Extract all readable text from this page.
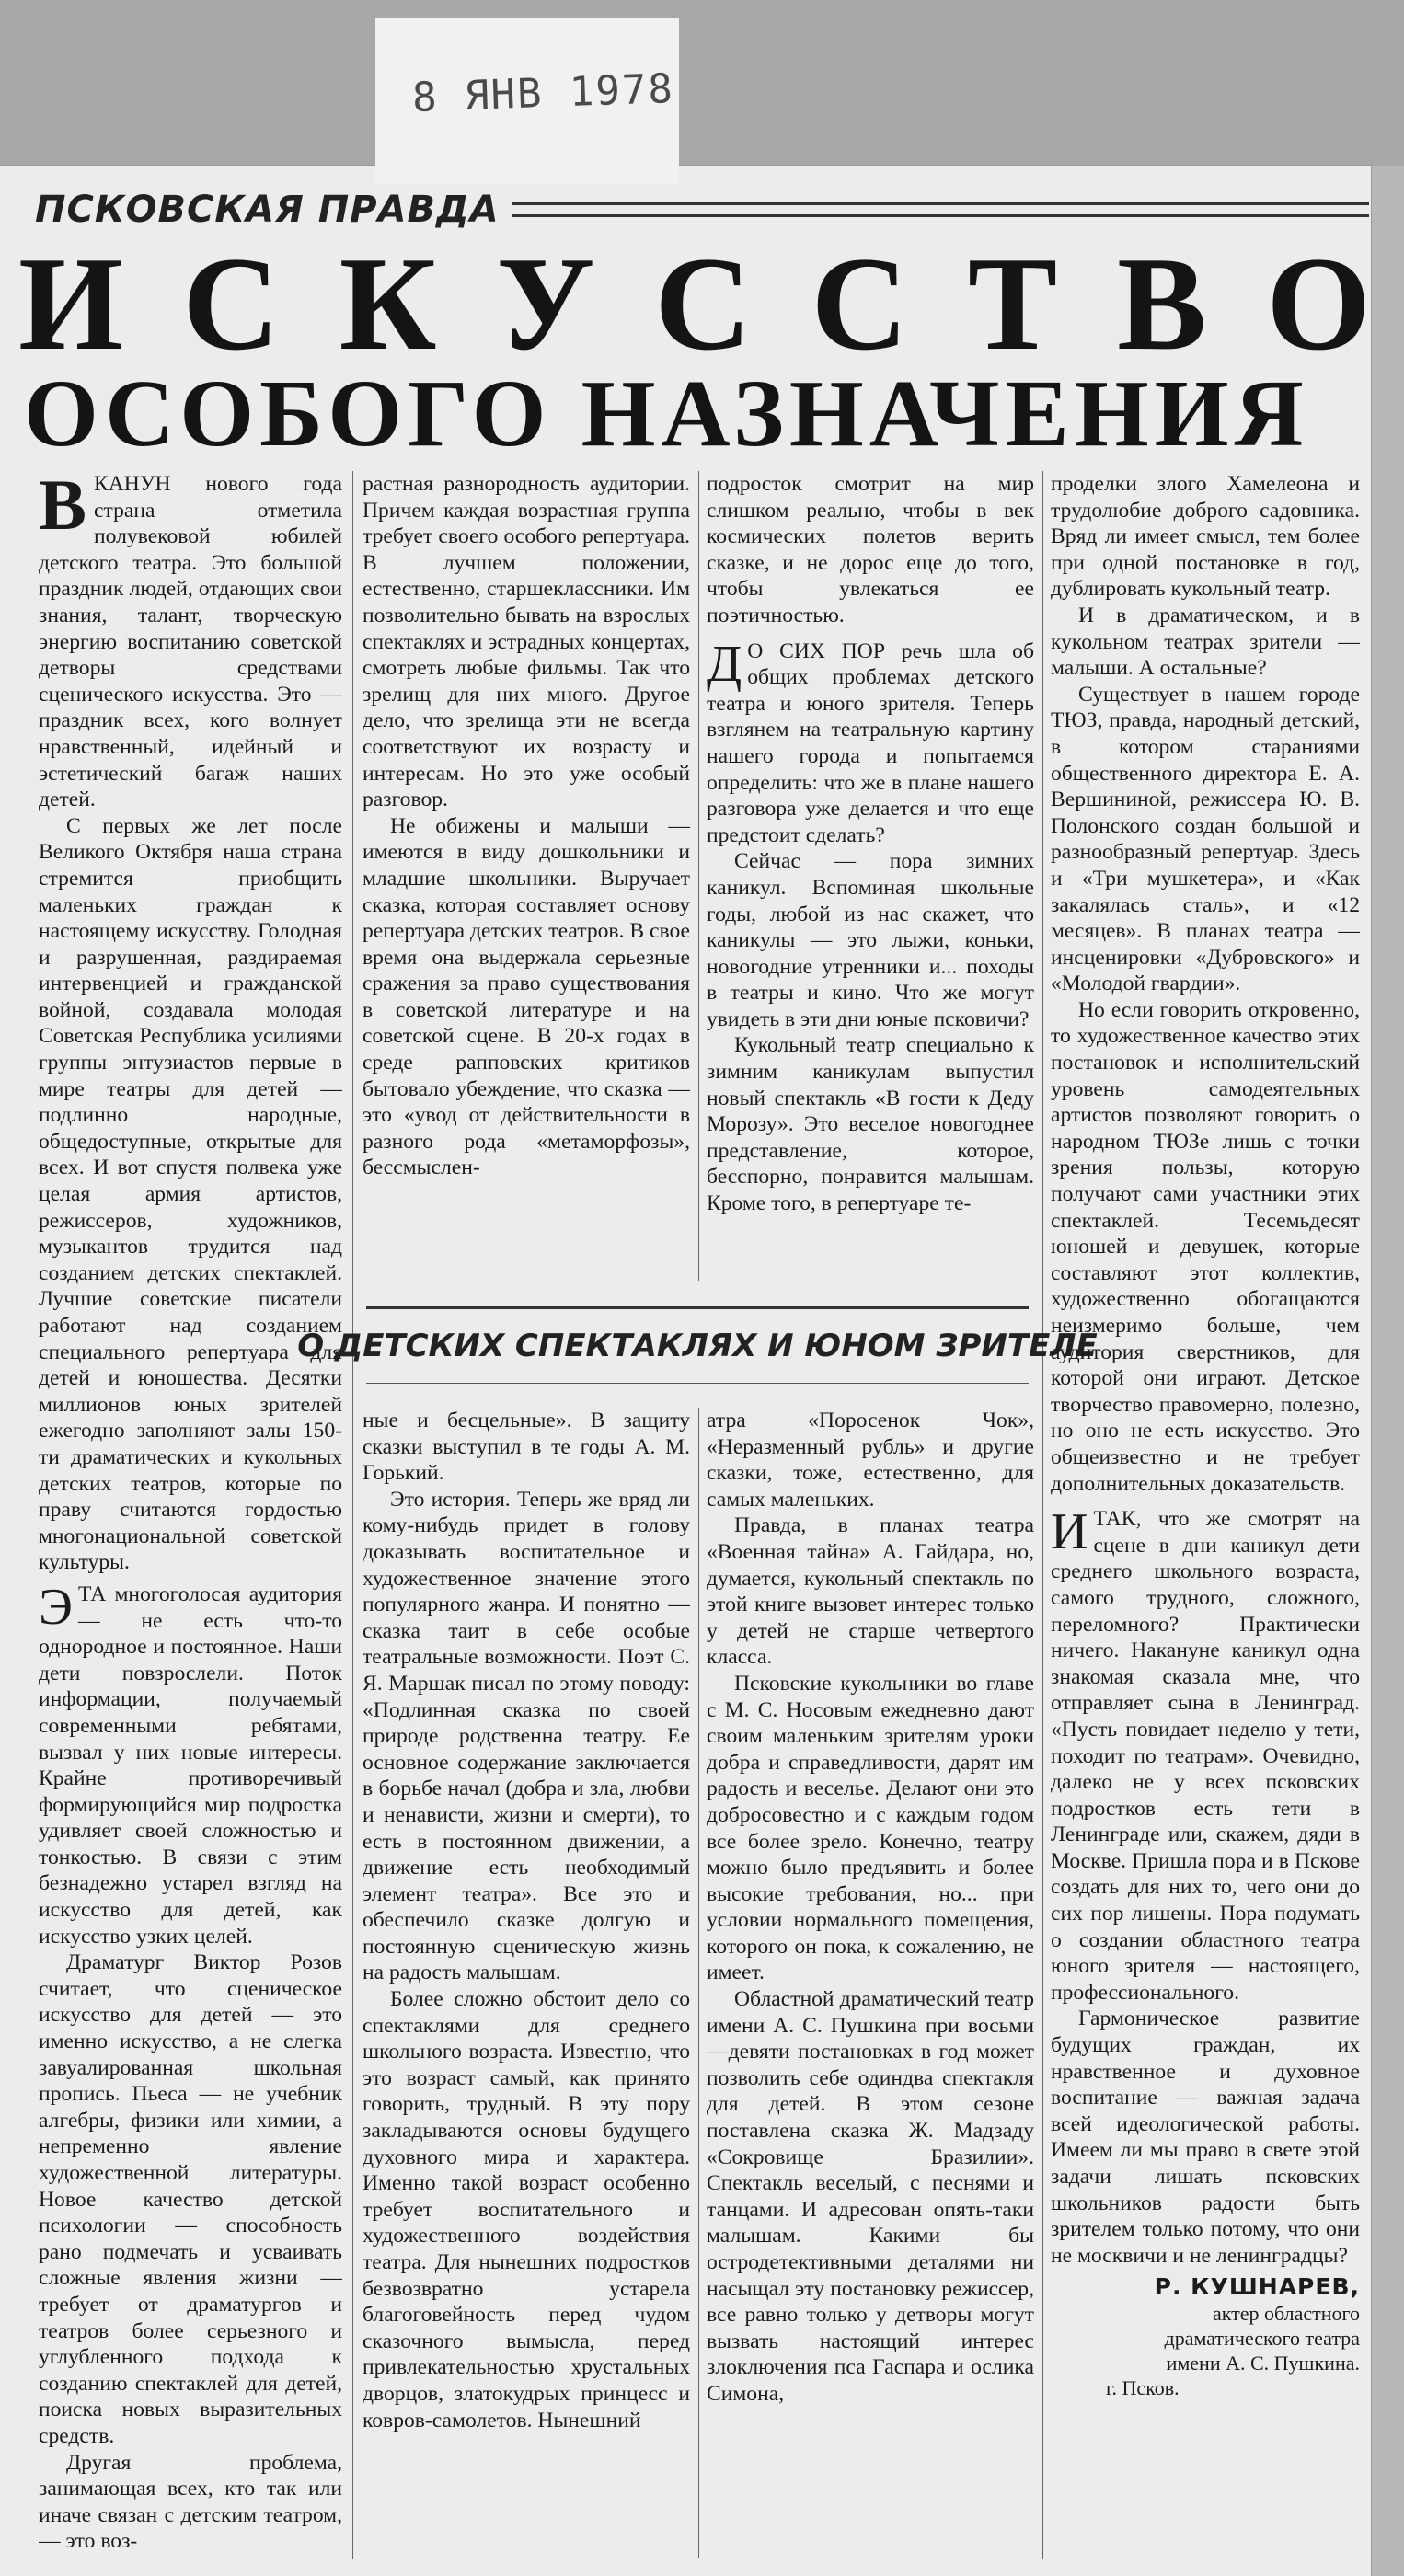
8 ЯНВ 1978
ПСКОВСКАЯ ПРАВДА
И С К У С С Т В О
ОСОБОГО НАЗНАЧЕНИЯ

ВКАНУН нового года страна отметила полувековой юбилей детского театра. Это большой праздник людей, отдающих свои знания, талант, творческую энергию воспитанию советской детворы средствами сценического искусства. Это — праздник всех, кого волнует нравственный, идейный и эстетический багаж наших детей.

С первых же лет после Великого Октября наша страна стремится приобщить маленьких граждан к настоящему искусству. Голодная и разрушенная, раздираемая интервенцией и гражданской войной, создавала молодая Советская Республика усилиями группы энтузиастов первые в мире театры для детей — подлинно народные, общедоступные, открытые для всех. И вот спустя полвека уже целая армия артистов, режиссеров, художников, музыкантов трудится над созданием детских спектаклей. Лучшие советские писатели работают над созданием специального репертуара для детей и юношества. Десятки миллионов юных зрителей ежегодно заполняют залы 150-ти драматических и кукольных детских театров, которые по праву считаются гордостью многонациональной советской культуры.

ЭТА многоголосая аудитория — не есть что-то однородное и постоянное. Наши дети повзрослели. Поток информации, получаемый современными ребятами, вызвал у них новые интересы. Крайне противоречивый формирующийся мир подростка удивляет своей сложностью и тонкостью. В связи с этим безнадежно устарел взгляд на искусство для детей, как искусство узких целей.

Драматург Виктор Розов считает, что сценическое искусство для детей — это именно искусство, а не слегка завуалированная школьная пропись. Пьеса — не учебник алгебры, физики или химии, а непременно явление художественной литературы. Новое качество детской психологии — способность рано подмечать и усваивать сложные явления жизни — требует от драматургов и театров более серьезного и углубленного подхода к созданию спектаклей для детей, поиска новых выразительных средств.

Другая проблема, занимающая всех, кто так или иначе связан с детским театром, — это воз-

растная разнородность аудитории. Причем каждая возрастная группа требует своего особого репертуара. В лучшем положении, естественно, старшеклассники. Им позволительно бывать на взрослых спектаклях и эстрадных концертах, смотреть любые фильмы. Так что зрелищ для них много. Другое дело, что зрелища эти не всегда соответствуют их возрасту и интересам. Но это уже особый разговор.

Не обижены и малыши — имеются в виду дошкольники и младшие школьники. Выручает сказка, которая составляет основу репертуара детских театров. В свое время она выдержала серьезные сражения за право существования в советской литературе и на советской сцене. В 20-х годах в среде рапповских критиков бытовало убеждение, что сказка — это «увод от действительности в разного рода «метаморфозы», бессмыслен-

подросток смотрит на мир слишком реально, чтобы в век космических полетов верить сказке, и не дорос еще до того, чтобы увлекаться ее поэтичностью.

Д О СИХ ПОР речь шла об общих проблемах детского театра и юного зрителя. Теперь взглянем на театральную картину нашего города и попытаемся определить: что же в плане нашего разговора уже делается и что еще предстоит сделать?

Сейчас — пора зимних каникул. Вспоминая школьные годы, любой из нас скажет, что каникулы — это лыжи, коньки, новогодние утренники и... походы в театры и кино. Что же могут увидеть в эти дни юные псковичи?

Кукольный театр специально к зимним каникулам выпустил новый спектакль «В гости к Деду Морозу». Это веселое новогоднее представление, которое, бесспорно, понравится малышам. Кроме того, в репертуаре те-

О ДЕТСКИХ СПЕКТАКЛЯХ И ЮНОМ ЗРИТЕЛЕ

ные и бесцельные». В защиту сказки выступил в те годы А. М. Горький.

Это история. Теперь же вряд ли кому-нибудь придет в голову доказывать воспитательное и художественное значение этого популярного жанра. И понятно — сказка таит в себе особые театральные возможности. Поэт С. Я. Маршак писал по этому поводу: «Подлинная сказка по своей природе родственна театру. Ее основное содержание заключается в борьбе начал (добра и зла, любви и ненависти, жизни и смерти), то есть в постоянном движении, а движение есть необходимый элемент театра». Все это и обеспечило сказке долгую и постоянную сценическую жизнь на радость малышам.

Более сложно обстоит дело со спектаклями для среднего школьного возраста. Известно, что это возраст самый, как принято говорить, трудный. В эту пору закладываются основы будущего духовного мира и характера. Именно такой возраст особенно требует воспитательного и художественного воздействия театра. Для нынешних подростков безвозвратно устарела благоговейность перед чудом сказочного вымысла, перед привлекательностью хрустальных дворцов, златокудрых принцесс и ковров-самолетов. Нынешний

атра «Поросенок Чок», «Неразменный рубль» и другие сказки, тоже, естественно, для самых маленьких.

Правда, в планах театра «Военная тайна» А. Гайдара, но, думается, кукольный спектакль по этой книге вызовет интерес только у детей не старше четвертого класса.

Псковские кукольники во главе с М. С. Носовым ежедневно дают своим маленьким зрителям уроки добра и справедливости, дарят им радость и веселье. Делают они это добросовестно и с каждым годом все более зрело. Конечно, театру можно было предъявить и более высокие требования, но... при условии нормального помещения, которого он пока, к сожалению, не имеет.

Областной драматический театр имени А. С. Пушкина при восьми—девяти постановках в год может позволить себе одиндва спектакля для детей. В этом сезоне поставлена сказка Ж. Мадзаду «Сокровище Бразилии». Спектакль веселый, с песнями и танцами. И адресован опять-таки малышам. Какими бы остродетективными деталями ни насыщал эту постановку режиссер, все равно только у детворы могут вызвать настоящий интерес злоключения пса Гаспара и ослика Симона,

проделки злого Хамелеона и трудолюбие доброго садовника. Вряд ли имеет смысл, тем более при одной постановке в год, дублировать кукольный театр.

И в драматическом, и в кукольном театрах зрители — малыши. А остальные?

Существует в нашем городе ТЮЗ, правда, народный детский, в котором стараниями общественного директора Е. А. Вершининой, режиссера Ю. В. Полонского создан большой и разнообразный репертуар. Здесь и «Три мушкетера», и «Как закалялась сталь», и «12 месяцев». В планах театра — инсценировки «Дубровского» и «Молодой гвардии».

Но если говорить откровенно, то художественное качество этих постановок и исполнительский уровень самодеятельных артистов позволяют говорить о народном ТЮЗе лишь с точки зрения пользы, которую получают сами участники этих спектаклей. Тесемьдесят юношей и девушек, которые составляют этот коллектив, художественно обогащаются неизмеримо больше, чем аудитория сверстников, для которой они играют. Детское творчество правомерно, полезно, но оно не есть искусство. Это общеизвестно и не требует дополнительных доказательств.

ИТАК, что же смотрят на сцене в дни каникул дети среднего школьного возраста, самого трудного, сложного, переломного? Практически ничего. Накануне каникул одна знакомая сказала мне, что отправляет сына в Ленинград. «Пусть повидает неделю у тети, походит по театрам». Очевидно, далеко не у всех псковских подростков есть тети в Ленинграде или, скажем, дяди в Москве. Пришла пора и в Пскове создать для них то, чего они до сих пор лишены. Пора подумать о создании областного театра юного зрителя — настоящего, профессионального.

Гармоническое развитие будущих граждан, их нравственное и духовное воспитание — важная задача всей идеологической работы. Имеем ли мы право в свете этой задачи лишать псковских школьников радости быть зрителем только потому, что они не москвичи и не ленинградцы?

Р. КУШНАРЕВ,
актер областного
драматического театра
имени А. С. Пушкина.
г. Псков.
